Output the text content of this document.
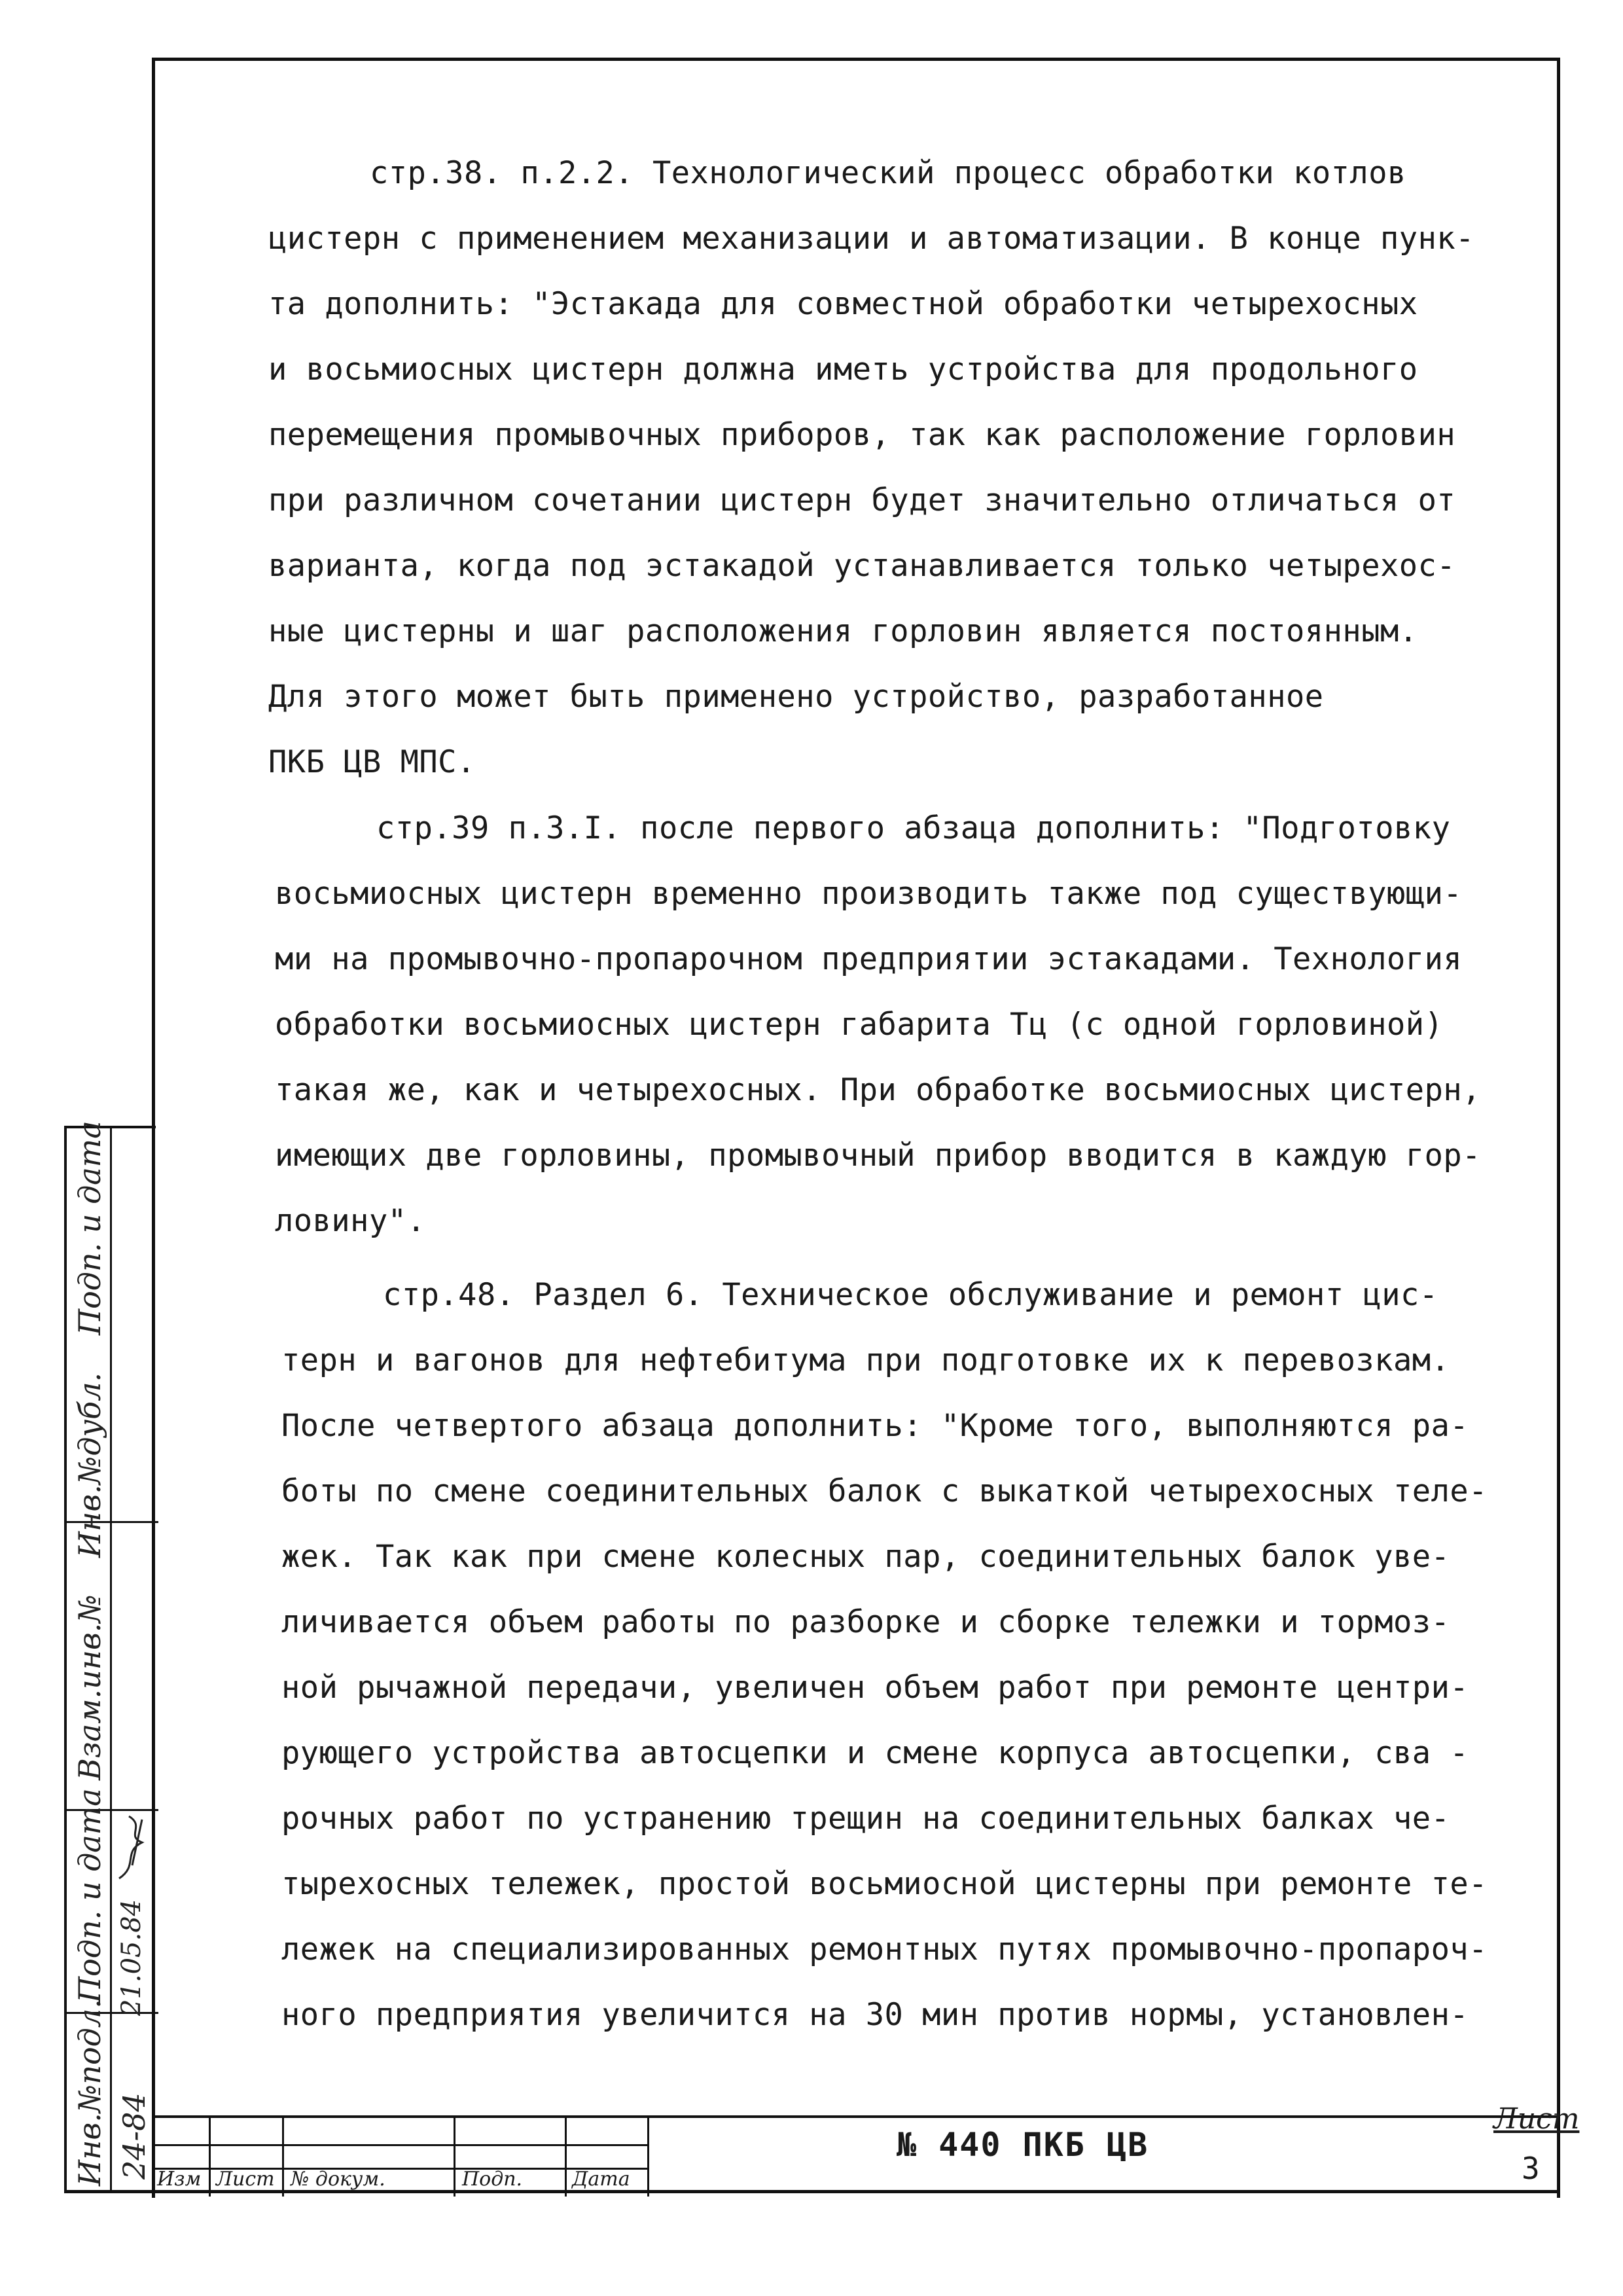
стр.38. п.2.2. Технологический процесс обработки котлов
цистерн с применением механизации и автоматизации. В конце пунк-
та дополнить: "Эстакада для совместной обработки четырехосных
и восьмиосных цистерн должна иметь устройства для продольного
перемещения промывочных приборов, так как расположение горловин
при различном сочетании цистерн будет значительно отличаться от
варианта, когда под эстакадой устанавливается только четырехос-
ные цистерны и шаг расположения горловин является постоянным.
Для этого может быть применено устройство, разработанное
ПКБ ЦВ МПС.
стр.39 п.3.I. после первого абзаца дополнить: "Подготовку
восьмиосных цистерн временно производить также под существующи-
ми на промывочно-пропарочном предприятии эстакадами. Технология
обработки восьмиосных цистерн габарита Тц (с одной горловиной)
такая же, как и четырехосных. При обработке восьмиосных цистерн,
имеющих две горловины, промывочный прибор вводится в каждую гор-
ловину".
стр.48. Раздел 6. Техническое обслуживание и ремонт цис-
терн и вагонов для нефтебитума при подготовке их к перевозкам.
После четвертого абзаца дополнить: "Кроме того, выполняются ра-
боты по смене соединительных балок с выкаткой четырехосных теле-
жек. Так как при смене колесных пар, соединительных балок уве-
личивается объем работы по разборке и сборке тележки и тормоз-
ной рычажной передачи, увеличен объем работ при ремонте центри-
рующего устройства автосцепки и смене корпуса автосцепки, сва -
рочных работ по устранению трещин на соединительных балках че-
тырехосных тележек, простой восьмиосной цистерны при ремонте те-
лежек на специализированных ремонтных путях промывочно-пропароч-
ного предприятия увеличится на 30 мин против нормы, установлен-
Подп. и дата
Инв.№дубл.
Взам.инв.№
Подп. и дата
Инв.№подл.
21.05.84
24-84 Изм Лист № докум.	Подп.	Дата
№ 440 ПКБ ЦВ
Лист
3
